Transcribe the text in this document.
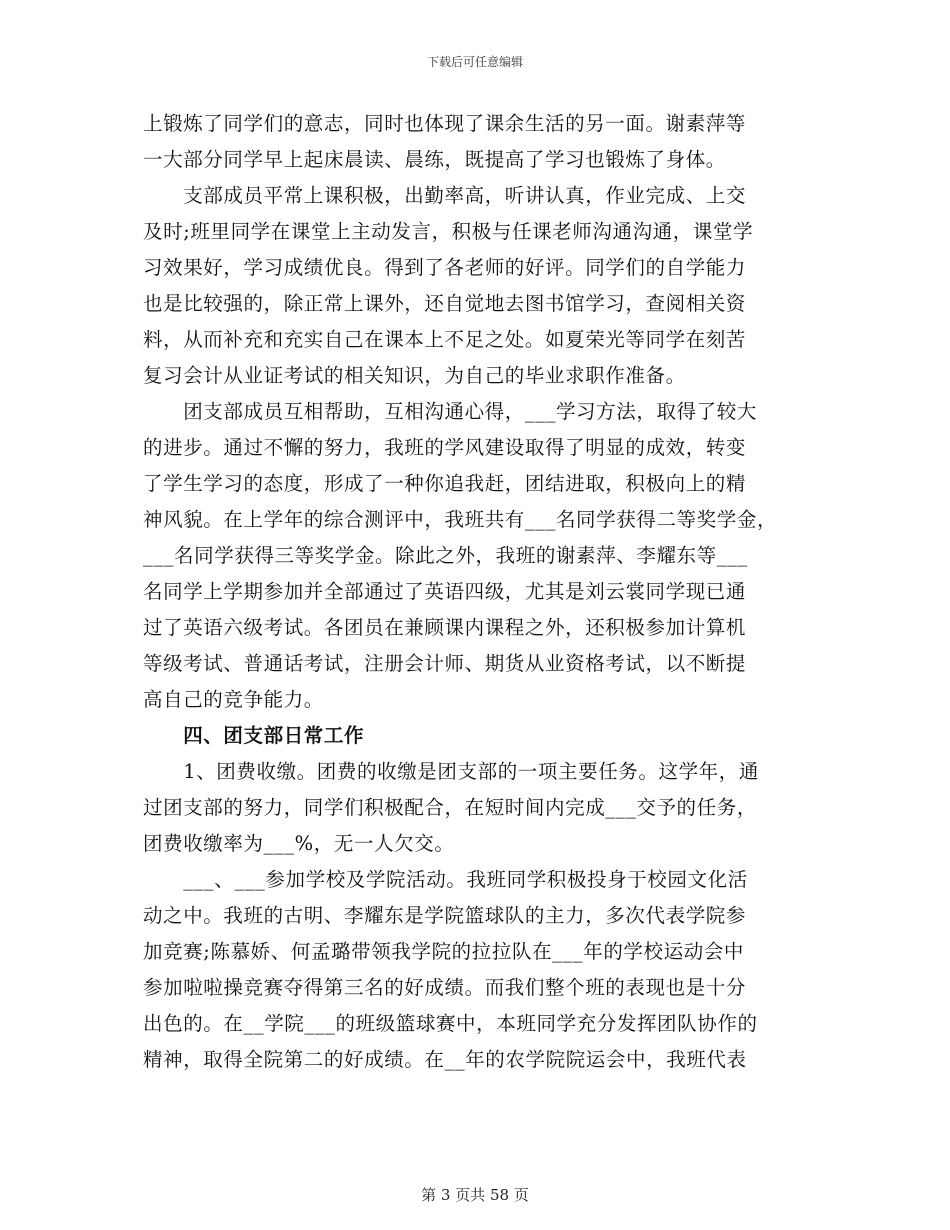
下载后可任意编辑
上锻炼了同学们的意志，同时也体现了课余生活的另一面。谢素萍等
一大部分同学早上起床晨读、晨练，既提高了学习也锻炼了身体。
　　支部成员平常上课积极，出勤率高，听讲认真，作业完成、上交
及时;班里同学在课堂上主动发言，积极与任课老师沟通沟通，课堂学
习效果好，学习成绩优良。得到了各老师的好评。同学们的自学能力
也是比较强的，除正常上课外，还自觉地去图书馆学习，查阅相关资
料，从而补充和充实自己在课本上不足之处。如夏荣光等同学在刻苦
复习会计从业证考试的相关知识，为自己的毕业求职作准备。
　　团支部成员互相帮助，互相沟通心得，___学习方法，取得了较大
的进步。通过不懈的努力，我班的学风建设取得了明显的成效，转变
了学生学习的态度，形成了一种你追我赶，团结进取，积极向上的精
神风貌。在上学年的综合测评中，我班共有___名同学获得二等奖学金，
___名同学获得三等奖学金。除此之外，我班的谢素萍、李耀东等___
名同学上学期参加并全部通过了英语四级，尤其是刘云裳同学现已通
过了英语六级考试。各团员在兼顾课内课程之外，还积极参加计算机
等级考试、普通话考试，注册会计师、期货从业资格考试，以不断提
高自己的竞争能力。
　　四、团支部日常工作
　　1、团费收缴。团费的收缴是团支部的一项主要任务。这学年，通
过团支部的努力，同学们积极配合，在短时间内完成___交予的任务，
团费收缴率为___%，无一人欠交。
　　___、___参加学校及学院活动。我班同学积极投身于校园文化活
动之中。我班的古明、李耀东是学院篮球队的主力，多次代表学院参
加竞赛;陈慕娇、何孟璐带领我学院的拉拉队在___年的学校运动会中
参加啦啦操竞赛夺得第三名的好成绩。而我们整个班的表现也是十分
出色的。在__学院___的班级篮球赛中，本班同学充分发挥团队协作的
精神，取得全院第二的好成绩。在__年的农学院院运会中，我班代表
第 3 页共 58 页
